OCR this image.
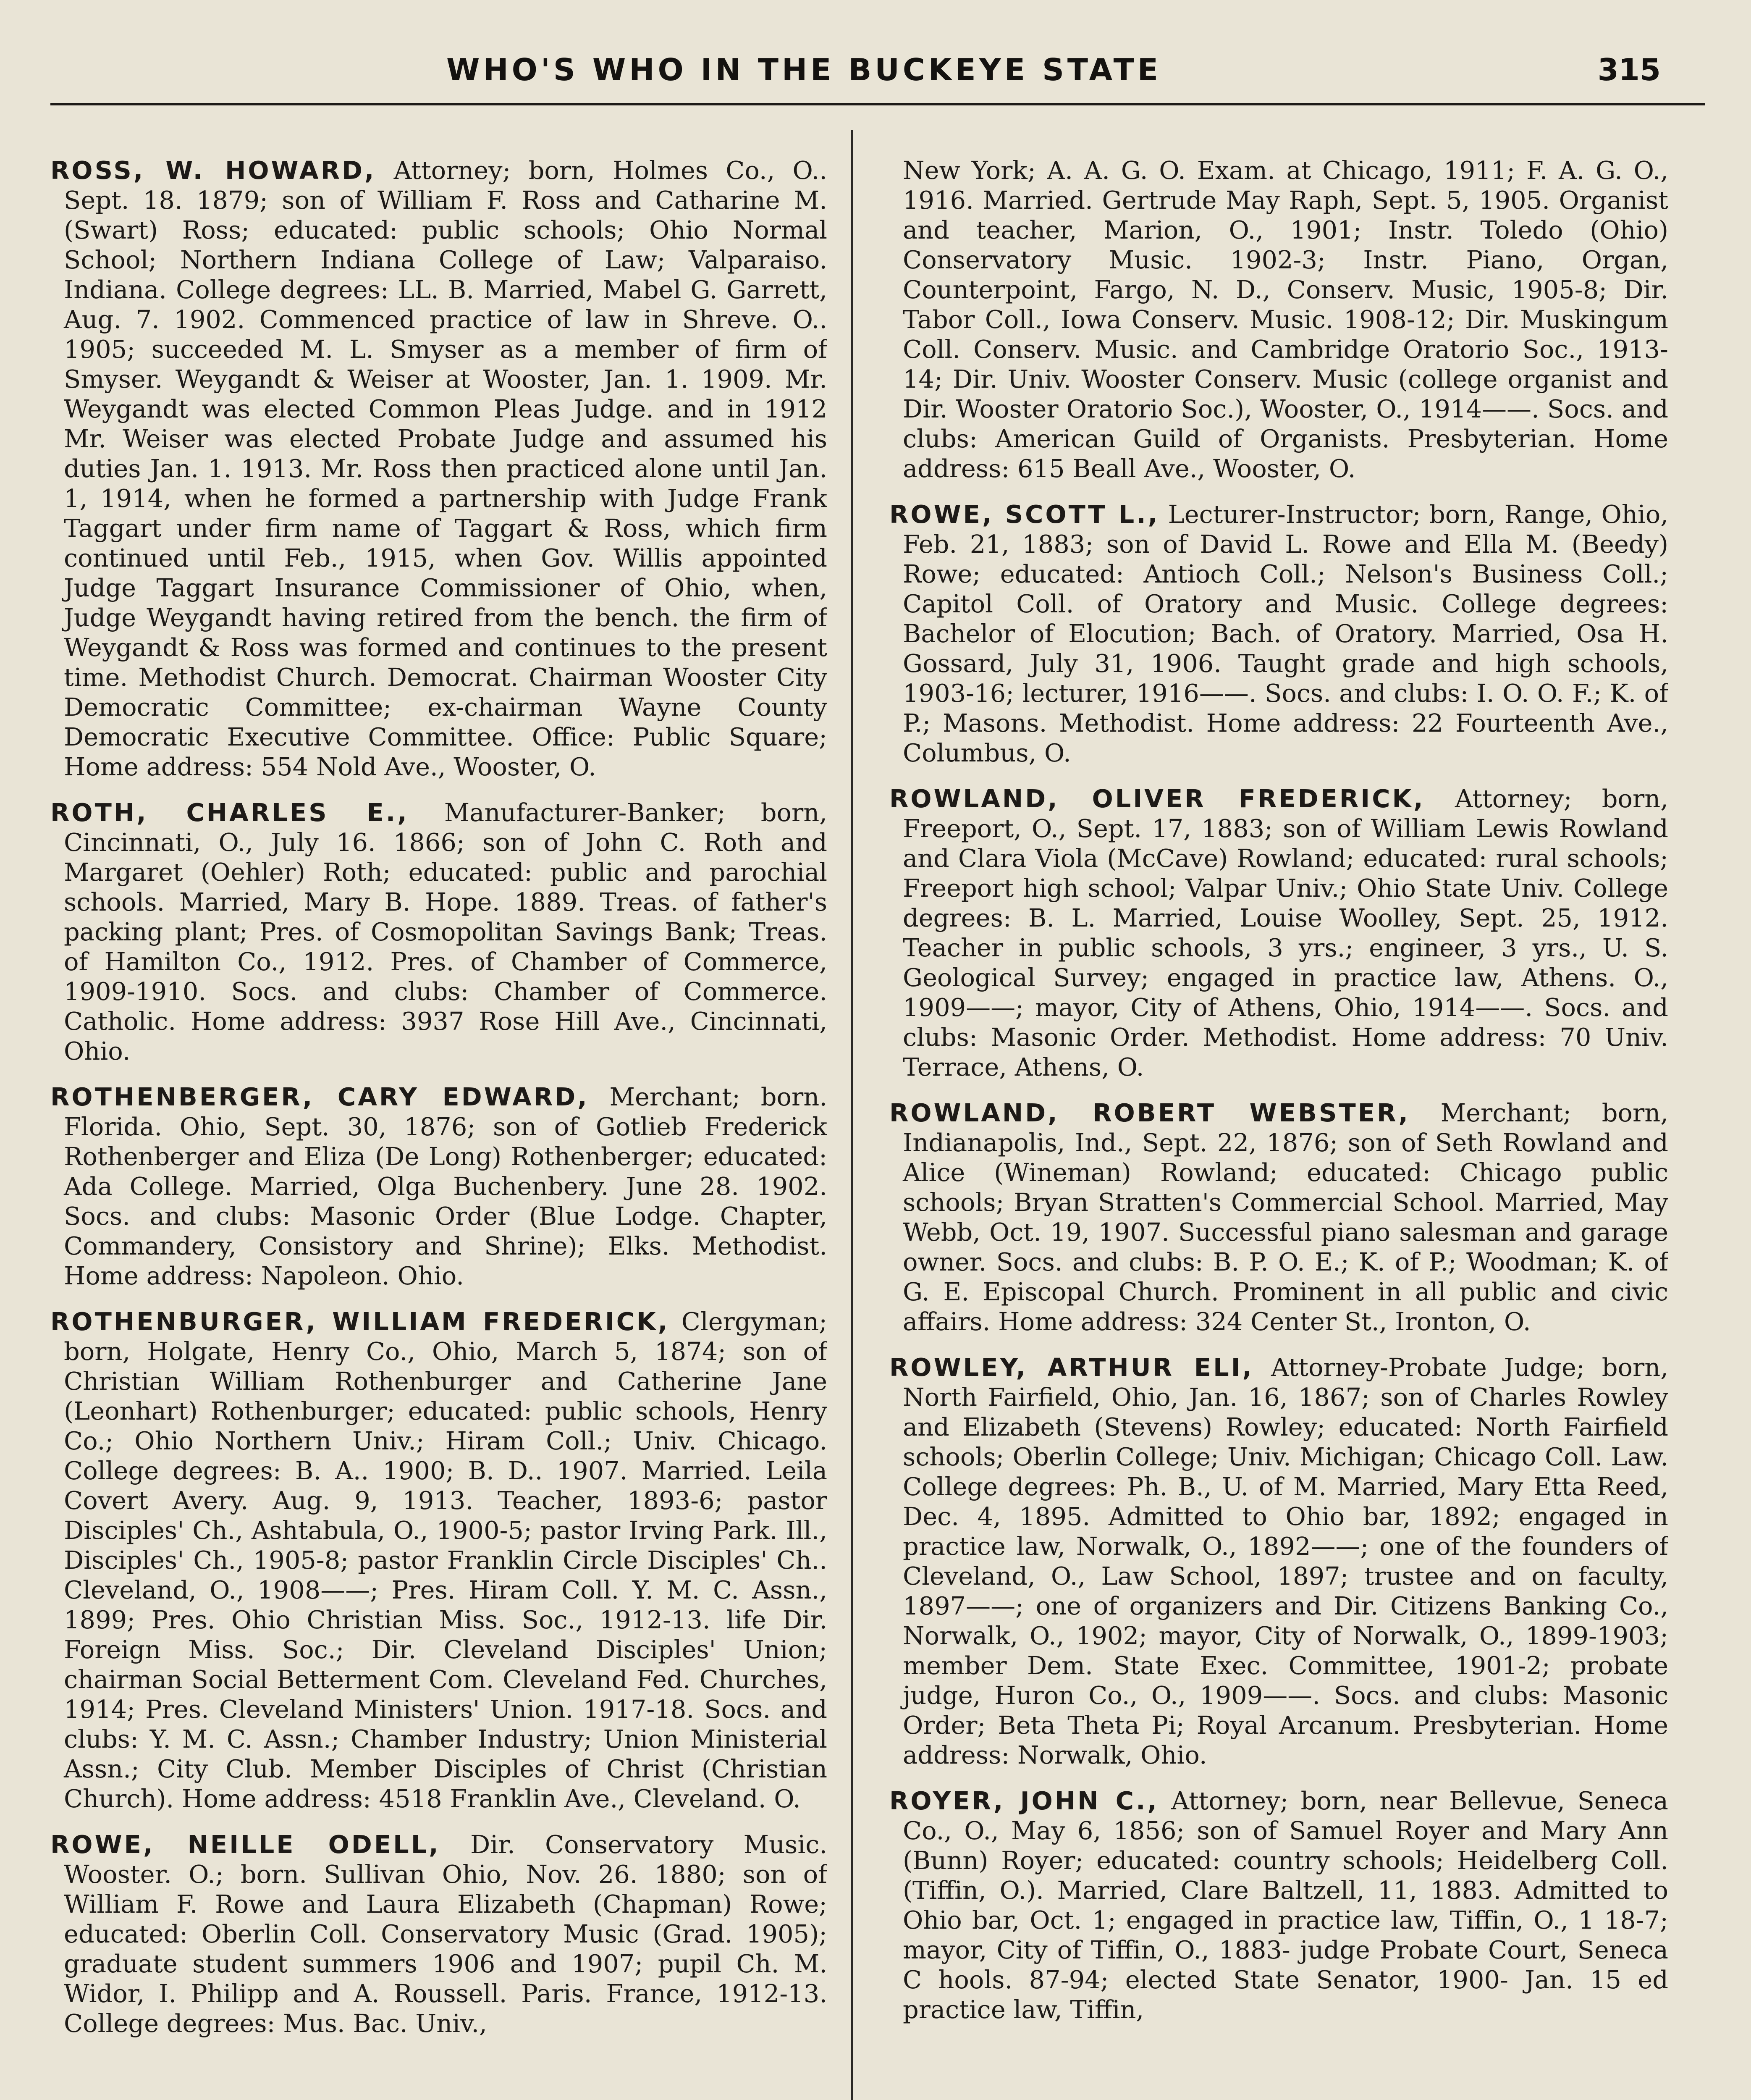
WHO'S WHO IN THE BUCKEYE STATE	315

ROSS, W. HOWARD, Attorney; born, Holmes Co., O.. Sept. 18. 1879; son of William F. Ross and Catharine M. (Swart) Ross; educated: public schools; Ohio Normal School; Northern Indiana College of Law; Valparaiso. Indiana. College degrees: LL. B. Married, Mabel G. Garrett, Aug. 7. 1902. Commenced practice of law in Shreve. O.. 1905; succeeded M. L. Smyser as a member of firm of Smyser. Weygandt & Weiser at Wooster, Jan. 1. 1909. Mr. Weygandt was elected Common Pleas Judge. and in 1912 Mr. Weiser was elected Probate Judge and assumed his duties Jan. 1. 1913. Mr. Ross then practiced alone until Jan. 1, 1914, when he formed a partnership with Judge Frank Taggart under firm name of Taggart & Ross, which firm continued until Feb., 1915, when Gov. Willis appointed Judge Taggart Insurance Commissioner of Ohio, when, Judge Weygandt having retired from the bench. the firm of Weygandt & Ross was formed and continues to the present time. Methodist Church. Democrat. Chairman Wooster City Democratic Committee; ex-chairman Wayne County Democratic Executive Committee. Office: Public Square; Home address: 554 Nold Ave., Wooster, O.

ROTH, CHARLES E., Manufacturer-Banker; born, Cincinnati, O., July 16. 1866; son of John C. Roth and Margaret (Oehler) Roth; educated: public and parochial schools. Married, Mary B. Hope. 1889. Treas. of father's packing plant; Pres. of Cosmopolitan Savings Bank; Treas. of Hamilton Co., 1912. Pres. of Chamber of Commerce, 1909-1910. Socs. and clubs: Chamber of Commerce. Catholic. Home address: 3937 Rose Hill Ave., Cincinnati, Ohio.

ROTHENBERGER, CARY EDWARD, Merchant; born. Florida. Ohio, Sept. 30, 1876; son of Gotlieb Frederick Rothenberger and Eliza (De Long) Rothenberger; educated: Ada College. Married, Olga Buchenbery. June 28. 1902. Socs. and clubs: Masonic Order (Blue Lodge. Chapter, Commandery, Consistory and Shrine); Elks. Methodist. Home address: Napoleon. Ohio.

ROTHENBURGER, WILLIAM FREDERICK, Clergyman; born, Holgate, Henry Co., Ohio, March 5, 1874; son of Christian William Rothenburger and Catherine Jane (Leonhart) Rothenburger; educated: public schools, Henry Co.; Ohio Northern Univ.; Hiram Coll.; Univ. Chicago. College degrees: B. A.. 1900; B. D.. 1907. Married. Leila Covert Avery. Aug. 9, 1913. Teacher, 1893-6; pastor Disciples' Ch., Ashtabula, O., 1900-5; pastor Irving Park. Ill., Disciples' Ch., 1905-8; pastor Franklin Circle Disciples' Ch.. Cleveland, O., 1908——; Pres. Hiram Coll. Y. M. C. Assn., 1899; Pres. Ohio Christian Miss. Soc., 1912-13. life Dir. Foreign Miss. Soc.; Dir. Cleveland Disciples' Union; chairman Social Betterment Com. Cleveland Fed. Churches, 1914; Pres. Cleveland Ministers' Union. 1917-18. Socs. and clubs: Y. M. C. Assn.; Chamber Industry; Union Ministerial Assn.; City Club. Member Disciples of Christ (Christian Church). Home address: 4518 Franklin Ave., Cleveland. O.

ROWE, NEILLE ODELL, Dir. Conservatory Music. Wooster. O.; born. Sullivan Ohio, Nov. 26. 1880; son of William F. Rowe and Laura Elizabeth (Chapman) Rowe; educated: Oberlin Coll. Conservatory Music (Grad. 1905); graduate student summers 1906 and 1907; pupil Ch. M. Widor, I. Philipp and A. Roussell. Paris. France, 1912-13. College degrees: Mus. Bac. Univ.,

New York; A. A. G. O. Exam. at Chicago, 1911; F. A. G. O., 1916. Married. Gertrude May Raph, Sept. 5, 1905. Organist and teacher, Marion, O., 1901; Instr. Toledo (Ohio) Conservatory Music. 1902-3; Instr. Piano, Organ, Counterpoint, Fargo, N. D., Conserv. Music, 1905-8; Dir. Tabor Coll., Iowa Conserv. Music. 1908-12; Dir. Muskingum Coll. Conserv. Music. and Cambridge Oratorio Soc., 1913-14; Dir. Univ. Wooster Conserv. Music (college organist and Dir. Wooster Oratorio Soc.), Wooster, O., 1914——. Socs. and clubs: American Guild of Organists. Presbyterian. Home address: 615 Beall Ave., Wooster, O.

ROWE, SCOTT L., Lecturer-Instructor; born, Range, Ohio, Feb. 21, 1883; son of David L. Rowe and Ella M. (Beedy) Rowe; educated: Antioch Coll.; Nelson's Business Coll.; Capitol Coll. of Oratory and Music. College degrees: Bachelor of Elocution; Bach. of Oratory. Married, Osa H. Gossard, July 31, 1906. Taught grade and high schools, 1903-16; lecturer, 1916——. Socs. and clubs: I. O. O. F.; K. of P.; Masons. Methodist. Home address: 22 Fourteenth Ave., Columbus, O.

ROWLAND, OLIVER FREDERICK, Attorney; born, Freeport, O., Sept. 17, 1883; son of William Lewis Rowland and Clara Viola (McCave) Rowland; educated: rural schools; Freeport high school; Valpar Univ.; Ohio State Univ. College degrees: B. L. Married, Louise Woolley, Sept. 25, 1912. Teacher in public schools, 3 yrs.; engineer, 3 yrs., U. S. Geological Survey; engaged in practice law, Athens. O., 1909——; mayor, City of Athens, Ohio, 1914——. Socs. and clubs: Masonic Order. Methodist. Home address: 70 Univ. Terrace, Athens, O.

ROWLAND, ROBERT WEBSTER, Merchant; born, Indianapolis, Ind., Sept. 22, 1876; son of Seth Rowland and Alice (Wineman) Rowland; educated: Chicago public schools; Bryan Stratten's Commercial School. Married, May Webb, Oct. 19, 1907. Successful piano salesman and garage owner. Socs. and clubs: B. P. O. E.; K. of P.; Woodman; K. of G. E. Episcopal Church. Prominent in all public and civic affairs. Home address: 324 Center St., Ironton, O.

ROWLEY, ARTHUR ELI, Attorney-Probate Judge; born, North Fairfield, Ohio, Jan. 16, 1867; son of Charles Rowley and Elizabeth (Stevens) Rowley; educated: North Fairfield schools; Oberlin College; Univ. Michigan; Chicago Coll. Law. College degrees: Ph. B., U. of M. Married, Mary Etta Reed, Dec. 4, 1895. Admitted to Ohio bar, 1892; engaged in practice law, Norwalk, O., 1892——; one of the founders of Cleveland, O., Law School, 1897; trustee and on faculty, 1897——; one of organizers and Dir. Citizens Banking Co., Norwalk, O., 1902; mayor, City of Norwalk, O., 1899-1903; member Dem. State Exec. Committee, 1901-2; probate judge, Huron Co., O., 1909——. Socs. and clubs: Masonic Order; Beta Theta Pi; Royal Arcanum. Presbyterian. Home address: Norwalk, Ohio.

ROYER, JOHN C., Attorney; born, near Bellevue, Seneca Co., O., May 6, 1856; son of Samuel Royer and Mary Ann (Bunn) Royer; educated: country schools; Heidelberg Coll. (Tiffin, O.). Married, Clare Baltzell, 11, 1883. Admitted to Ohio bar, Oct. 1; engaged in practice law, Tiffin, O., 1 18-7; mayor, City of Tiffin, O., 1883- judge Probate Court, Seneca C hools. 87-94; elected State Senator, 1900- Jan. 15 ed practice law, Tiffin,
